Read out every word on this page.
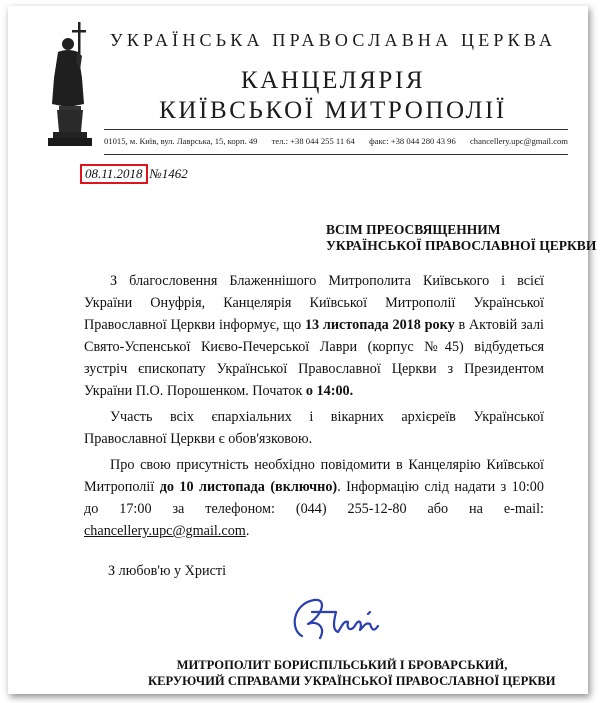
УКРАЇНСЬКА ПРАВОСЛАВНА ЦЕРКВА
КАНЦЕЛЯРІЯ
КИЇВСЬКОЇ МИТРОПОЛІЇ
01015, м. Київ, вул. Лаврська, 15, корп. 49 тел.: +38 044 255 11 64 факс: +38 044 280 43 96 chancellery.upc@gmail.com
08.11.2018 №1462
ВСІМ ПРЕОСВЯЩЕННИМ
УКРАЇНСЬКОЇ ПРАВОСЛАВНОЇ ЦЕРКВИ

З благословення Блаженнішого Митрополита Київського і всієї України Онуфрія, Канцелярія Київської Митрополії Української Православної Церкви інформує, що 13 листопада 2018 року в Актовій залі Свято-Успенської Києво-Печерської Лаври (корпус №45) відбудеться зустріч єпископату Української Православної Церкви з Президентом України П.О. Порошенком. Початок о 14:00.

Участь всіх єпархіальних і вікарних архієреїв Української Православної Церкви є обов'язковою.

Про свою присутність необхідно повідомити в Канцелярію Київської Митрополії до 10 листопада (включно). Інформацію слід надати з 10:00 до 17:00 за телефоном: (044) 255-12-80 або на e-mail: chancellery.upc@gmail.com.

З любов'ю у Христі
МИТРОПОЛИТ БОРИСПІЛЬСЬКИЙ І БРОВАРСЬКИЙ,
КЕРУЮЧИЙ СПРАВАМИ УКРАЇНСЬКОЇ ПРАВОСЛАВНОЇ ЦЕРКВИ
